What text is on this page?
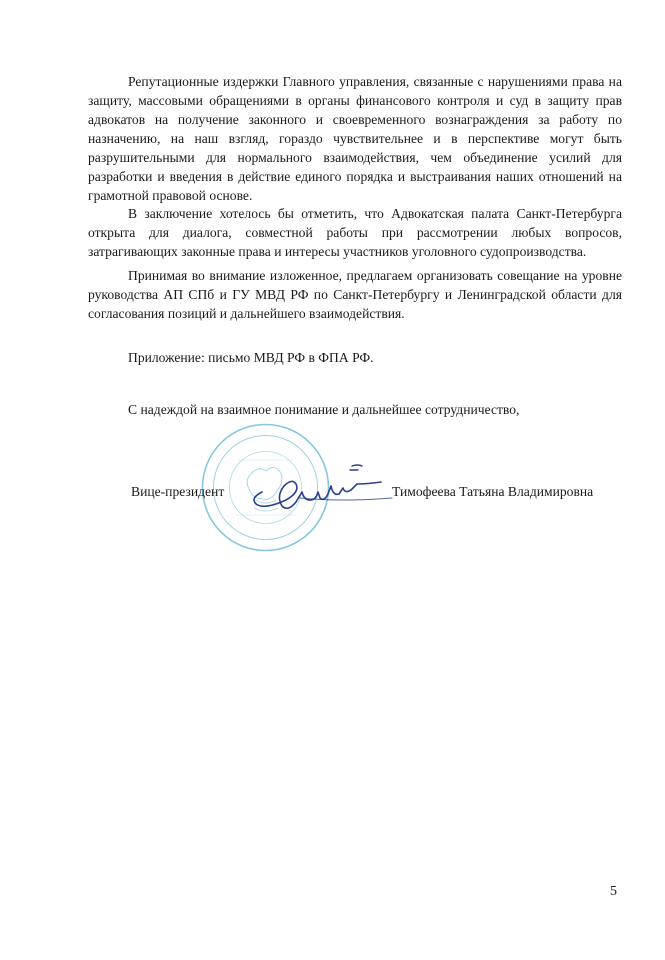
Репутационные издержки Главного управления, связанные с нарушениями права на защиту, массовыми обращениями в органы финансового контроля и суд в защиту прав адвокатов на получение законного и своевременного вознаграждения за работу по назначению, на наш взгляд, гораздо чувствительнее и в перспективе могут быть разрушительными для нормального взаимодействия, чем объединение усилий для разработки и введения в действие единого порядка и выстраивания наших отношений на грамотной правовой основе.

В заключение хотелось бы отметить, что Адвокатская палата Санкт-Петербурга открыта для диалога, совместной работы при рассмотрении любых вопросов, затрагивающих законные права и интересы участников уголовного судопроизводства.

Принимая во внимание изложенное, предлагаем организовать совещание на уровне руководства АП СПб и ГУ МВД РФ по Санкт-Петербургу и Ленинградской области для согласования позиций и дальнейшего взаимодействия.

Приложение: письмо МВД РФ в ФПА РФ.

С надеждой на взаимное понимание и дальнейшее сотрудничество,

Вице-президент	Тимофеева Татьяна Владимировна
5
